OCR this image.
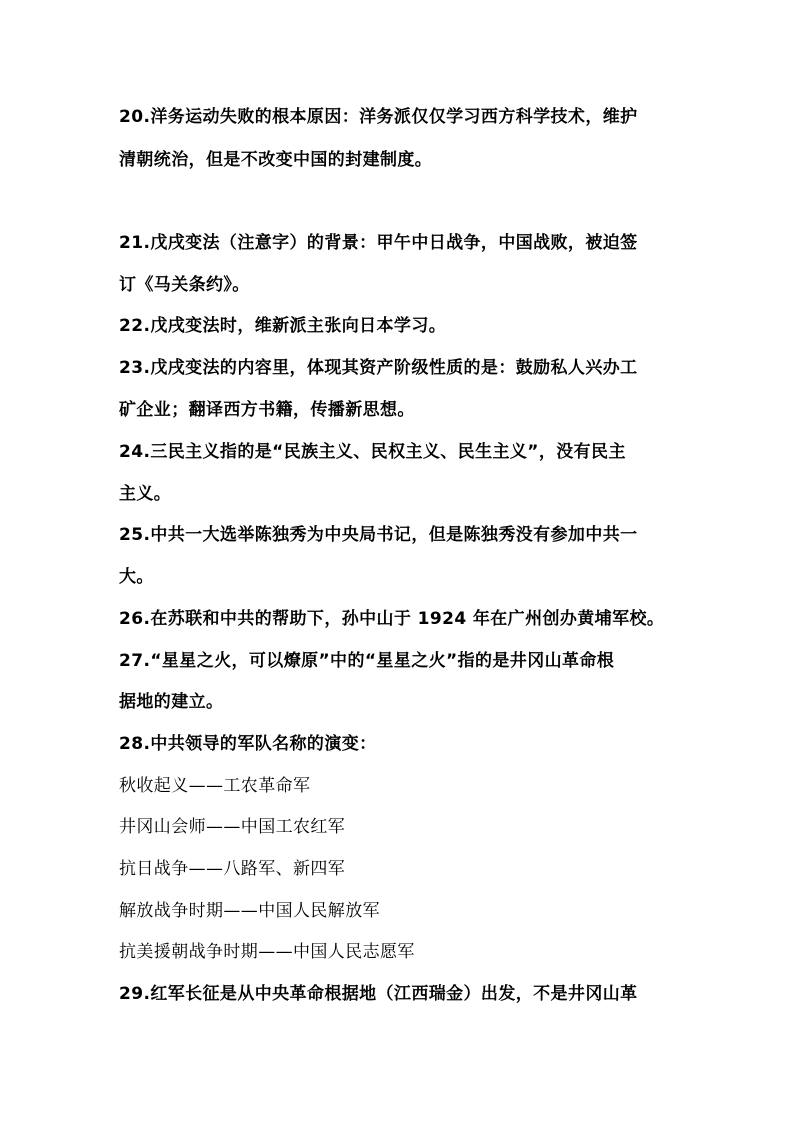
20.洋务运动失败的根本原因：洋务派仅仅学习西方科学技术，维护
清朝统治，但是不改变中国的封建制度。
21.戊戌变法（注意字）的背景：甲午中日战争，中国战败，被迫签
订《马关条约》。
22.戊戌变法时，维新派主张向日本学习。
23.戊戌变法的内容里，体现其资产阶级性质的是：鼓励私人兴办工
矿企业；翻译西方书籍，传播新思想。
24.三民主义指的是“民族主义、民权主义、民生主义”，没有民主
主义。
25.中共一大选举陈独秀为中央局书记，但是陈独秀没有参加中共一
大。
26.在苏联和中共的帮助下，孙中山于 1924 年在广州创办黄埔军校。
27.“星星之火，可以燎原”中的“星星之火”指的是井冈山革命根
据地的建立。
28.中共领导的军队名称的演变：
秋收起义——工农革命军
井冈山会师——中国工农红军
抗日战争——八路军、新四军
解放战争时期——中国人民解放军
抗美援朝战争时期——中国人民志愿军
29.红军长征是从中央革命根据地（江西瑞金）出发，不是井冈山革
